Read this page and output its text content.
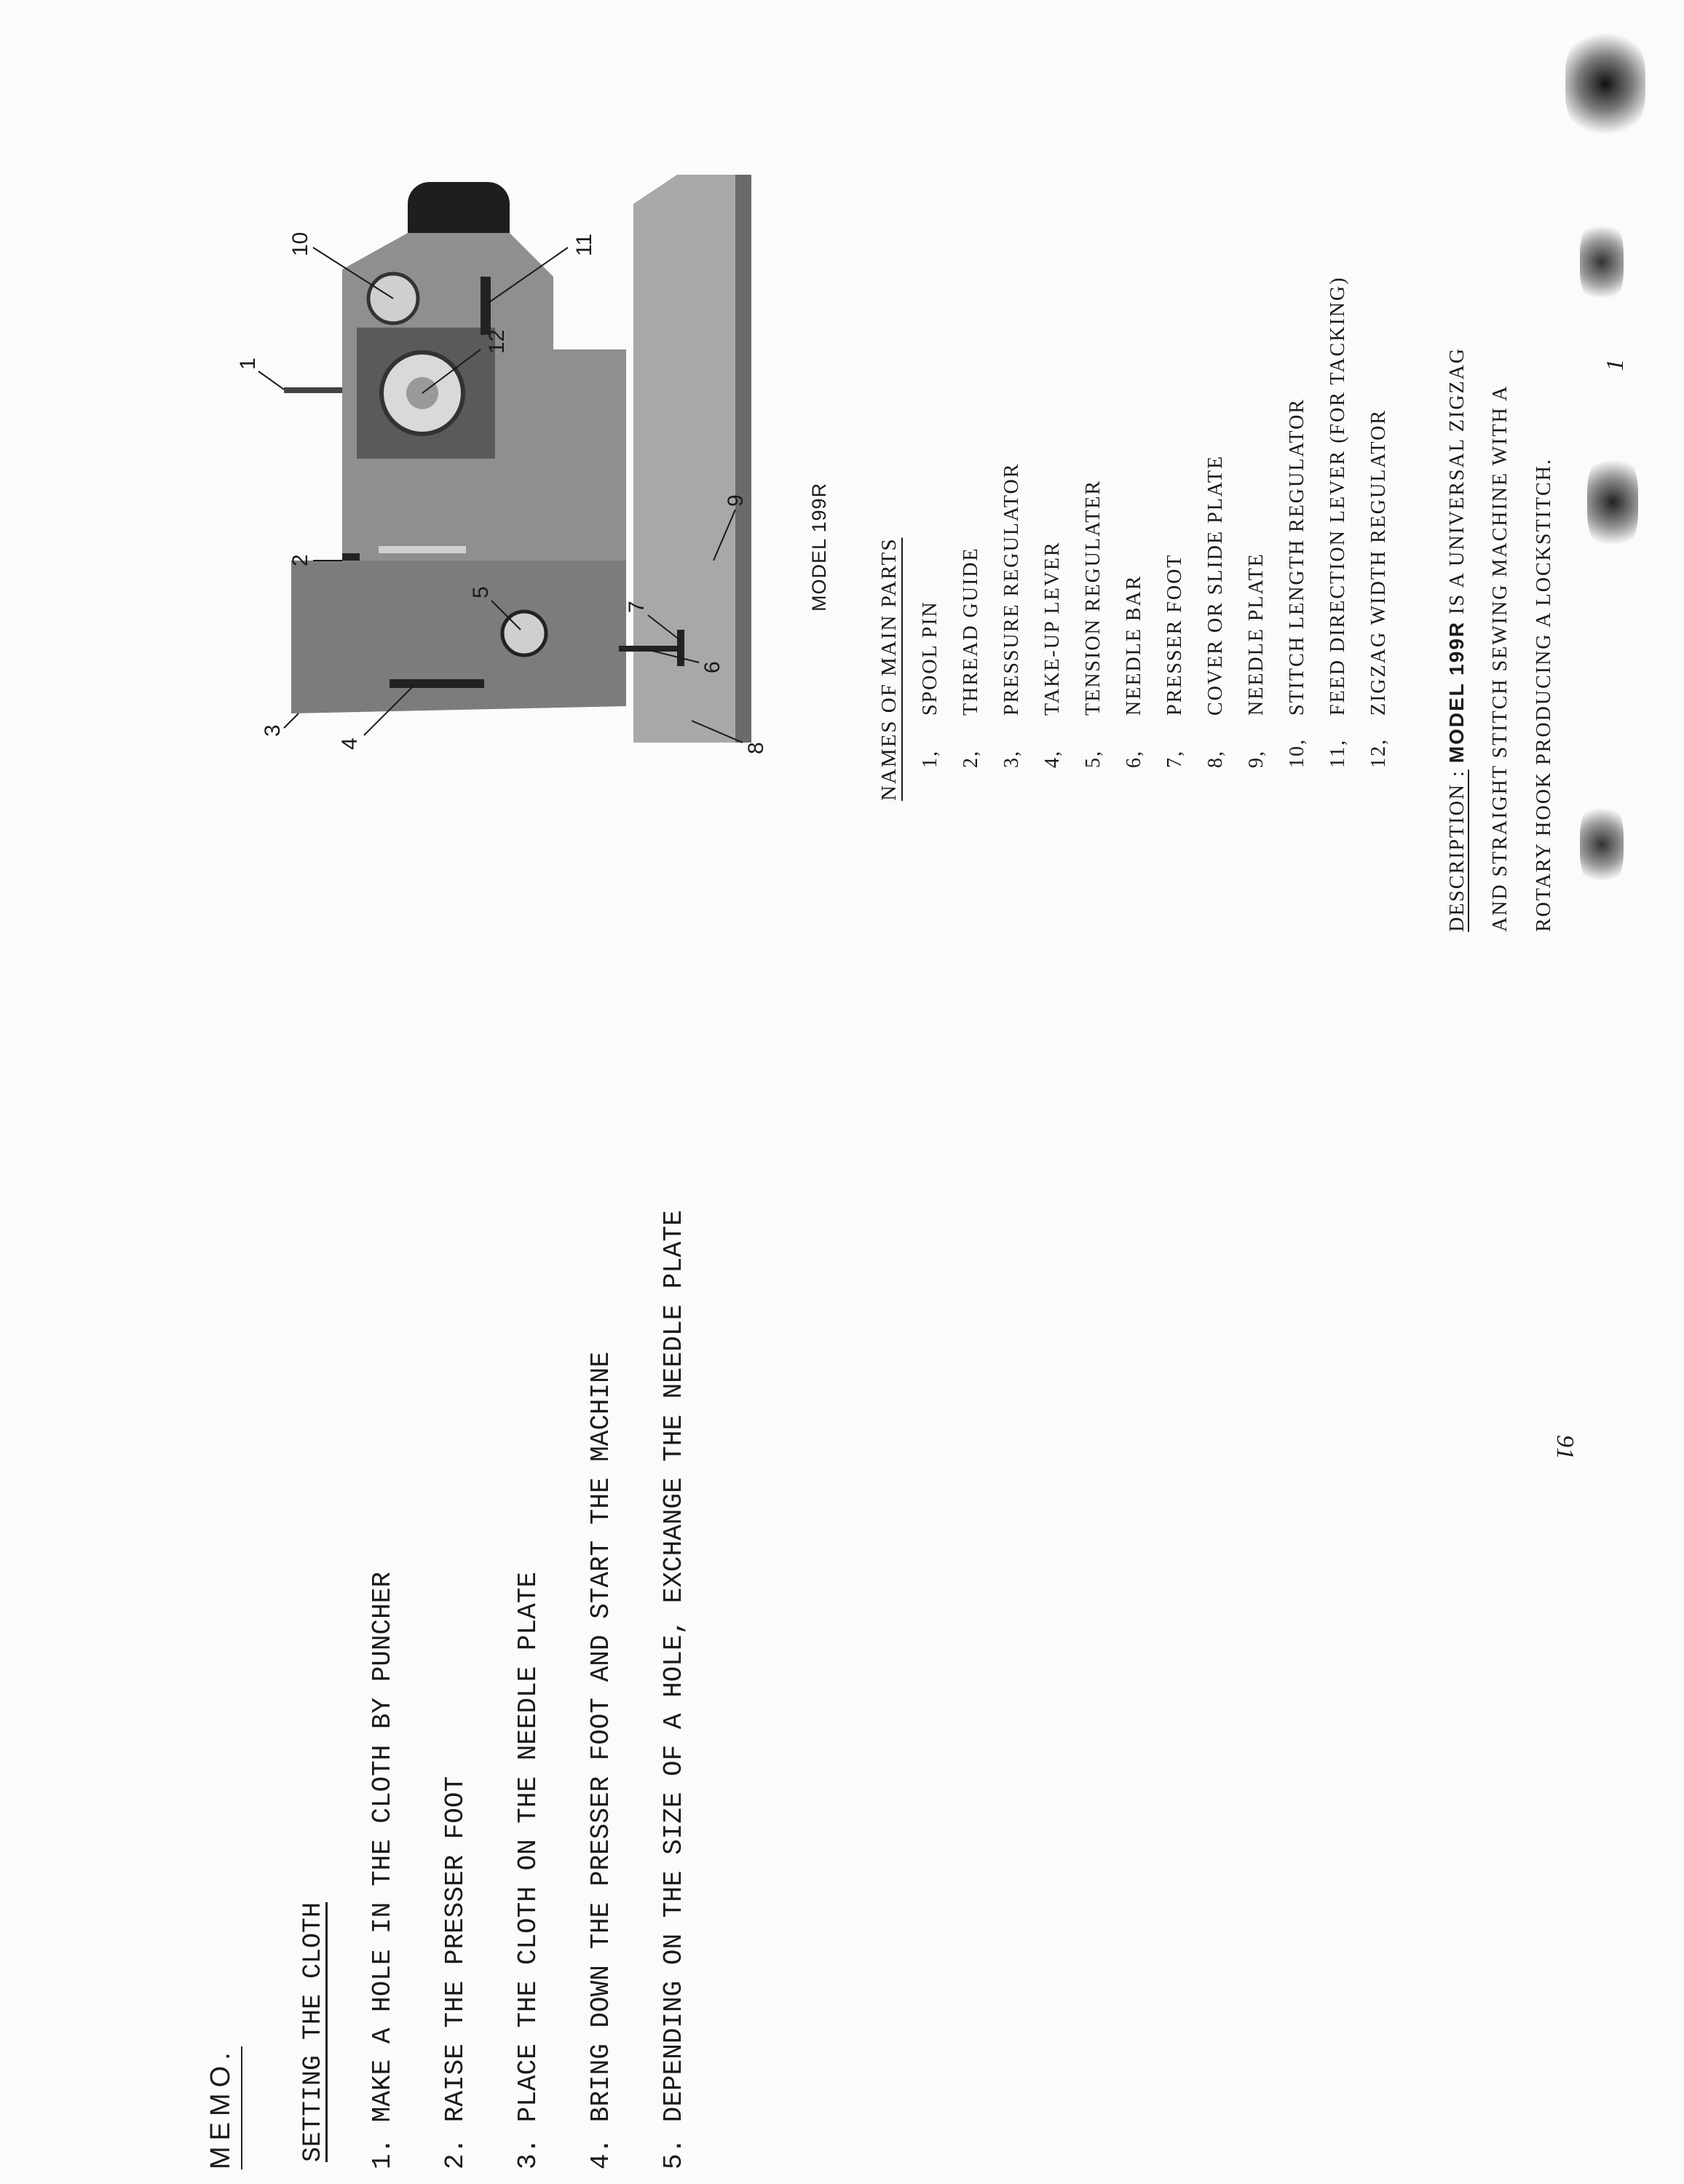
MEMO. SETTING THE CLOTH 1. MAKE A HOLE IN THE CLOTH BY PUNCHER 2. RAISE THE PRESSER FOOT 3. PLACE THE CLOTH ON THE NEEDLE PLATE 4. BRING DOWN THE PRESSER FOOT AND START THE MACHINE 5. DEPENDING ON THE SIZE OF A HOLE, EXCHANGE THE NEEDLE PLATE	91
1
2
3
4
5
6
7
8
9
10	11
12
MODEL 199R NAMES OF MAIN PARTS 1,SPOOL PIN
2,THREAD GUIDE
3,PRESSURE REGULATOR
4,TAKE-UP LEVER
5,TENSION REGULATER
6,NEEDLE BAR
7,PRESSER FOOT
8,COVER OR SLIDE PLATE
9,NEEDLE PLATE
10,STITCH LENGTH REGULATOR
11,FEED DIRECTION LEVER (FOR TACKING)
12,ZIGZAG WIDTH REGULATOR
DESCRIPTION : MODEL 199R IS A UNIVERSAL ZIGZAG AND STRAIGHT STITCH SEWING MACHINE WITH A ROTARY HOOK PRODUCING A LOCKSTITCH.
1
